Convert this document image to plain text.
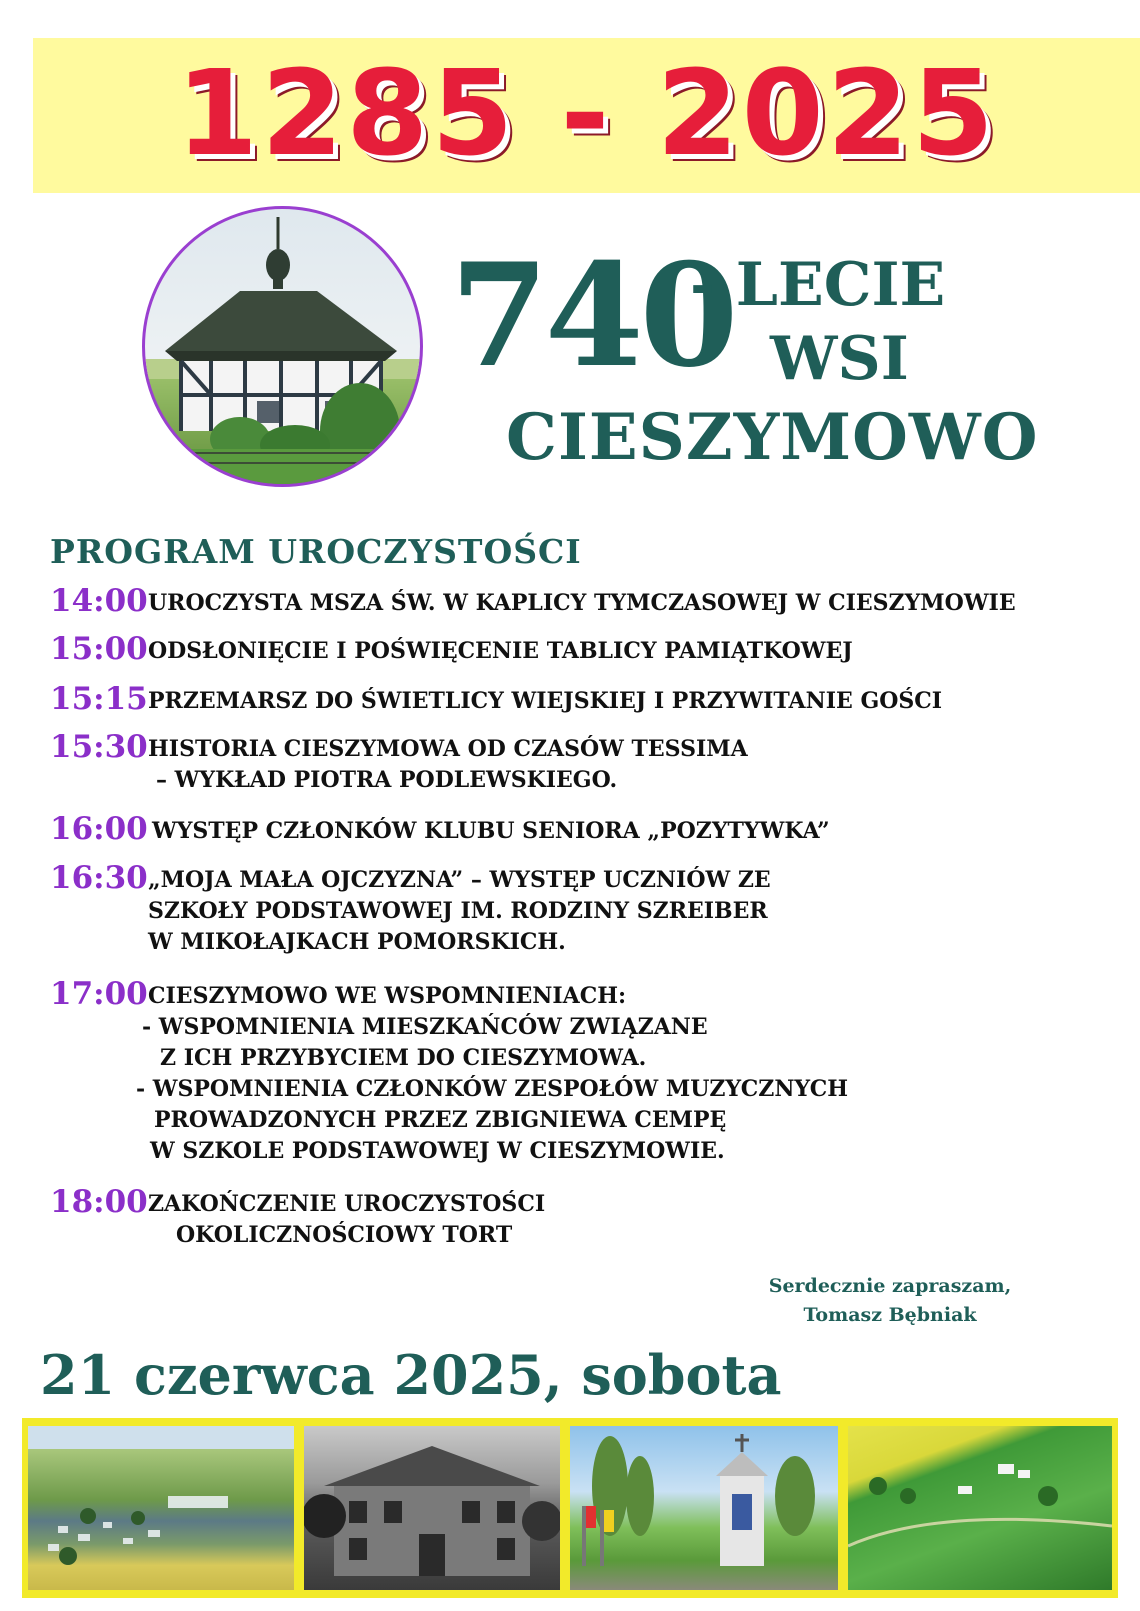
1285 - 2025
740
- LECIE
WSI
CIESZYMOWO
PROGRAM UROCZYSTOŚCI
14:00 UROCZYSTA MSZA ŚW. W KAPLICY TYMCZASOWEJ W CIESZYMOWIE
15:00 ODSŁONIĘCIE I POŚWIĘCENIE TABLICY PAMIĄTKOWEJ
15:15 PRZEMARSZ DO ŚWIETLICY WIEJSKIEJ I PRZYWITANIE GOŚCI
15:30 HISTORIA CIESZYMOWA OD CZASÓW TESSIMA
– WYKŁAD PIOTRA PODLEWSKIEGO.
16:00 WYSTĘP CZŁONKÓW KLUBU SENIORA „POZYTYWKA”
16:30 „MOJA MAŁA OJCZYZNA” – WYSTĘP UCZNIÓW ZE
SZKOŁY PODSTAWOWEJ IM. RODZINY SZREIBER
W MIKOŁAJKACH POMORSKICH.
17:00 CIESZYMOWO WE WSPOMNIENIACH:
- WSPOMNIENIA MIESZKAŃCÓW ZWIĄZANE
Z ICH PRZYBYCIEM DO CIESZYMOWA.
- WSPOMNIENIA CZŁONKÓW ZESPOŁÓW MUZYCZNYCH
PROWADZONYCH PRZEZ ZBIGNIEWA CEMPĘ
W SZKOLE PODSTAWOWEJ W CIESZYMOWIE.
18:00 ZAKOŃCZENIE UROCZYSTOŚCI
OKOLICZNOŚCIOWY TORT
Serdecznie zapraszam,
Tomasz Bębniak
21 czerwca 2025, sobota
